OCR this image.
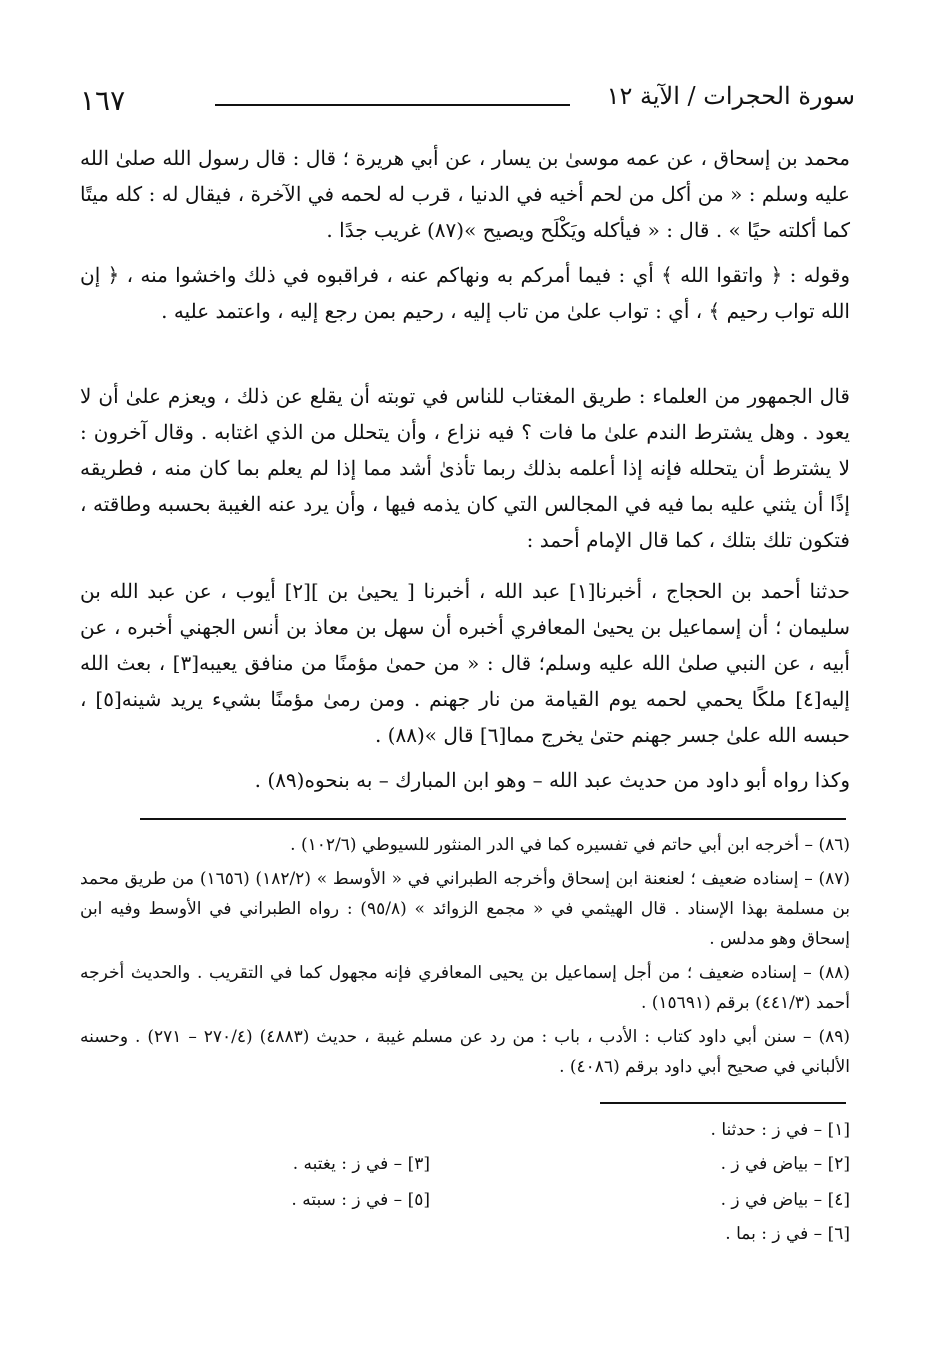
١٦٧	سورة الحجرات / الآية ١٢

محمد بن إسحاق ، عن عمه موسىٰ بن يسار ، عن أبي هريرة ؛ قال : قال رسول الله صلىٰ الله عليه وسلم : « من أكل من لحم أخيه في الدنيا ، قرب له لحمه في الآخرة ، فيقال له : كله ميتًا كما أكلته حيًا » . قال : « فيأكله ويَكْلَح ويصيح »(٨٧) غريب جدًا .

وقوله : ﴿ واتقوا الله ﴾ أي : فيما أمركم به ونهاكم عنه ، فراقبوه في ذلك واخشوا منه ، ﴿ إن الله تواب رحيم ﴾ ، أي : تواب علىٰ من تاب إليه ، رحيم بمن رجع إليه ، واعتمد عليه .

قال الجمهور من العلماء : طريق المغتاب للناس في توبته أن يقلع عن ذلك ، ويعزم علىٰ أن لا يعود . وهل يشترط الندم علىٰ ما فات ؟ فيه نزاع ، وأن يتحلل من الذي اغتابه . وقال آخرون : لا يشترط أن يتحلله فإنه إذا أعلمه بذلك ربما تأذىٰ أشد مما إذا لم يعلم بما كان منه ، فطريقه إذًا أن يثني عليه بما فيه في المجالس التي كان يذمه فيها ، وأن يرد عنه الغيبة بحسبه وطاقته ، فتكون تلك بتلك ، كما قال الإمام أحمد :

حدثنا أحمد بن الحجاج ، أخبرنا[١] عبد الله ، أخبرنا [ يحيىٰ بن ][٢] أيوب ، عن عبد الله بن سليمان ؛ أن إسماعيل بن يحيىٰ المعافري أخبره أن سهل بن معاذ بن أنس الجهني أخبره ، عن أبيه ، عن النبي صلىٰ الله عليه وسلم؛ قال : « من حمىٰ مؤمنًا من منافق يعيبه[٣] ، بعث الله إليه[٤] ملكًا يحمي لحمه يوم القيامة من نار جهنم . ومن رمىٰ مؤمنًا بشيء يريد شينه[٥] ، حبسه الله علىٰ جسر جهنم حتىٰ يخرج مما[٦] قال »(٨٨) .

وكذا رواه أبو داود من حديث عبد الله – وهو ابن المبارك – به بنحوه(٨٩) .

(٨٦) – أخرجه ابن أبي حاتم في تفسيره كما في الدر المنثور للسيوطي (١٠٢/٦) .

(٨٧) – إسناده ضعيف ؛ لعنعنة ابن إسحاق وأخرجه الطبراني في « الأوسط » (١٨٢/٢) (١٦٥٦) من طريق محمد بن مسلمة بهذا الإسناد . قال الهيثمي في « مجمع الزوائد » (٩٥/٨) : رواه الطبراني في الأوسط وفيه ابن إسحاق وهو مدلس .

(٨٨) – إسناده ضعيف ؛ من أجل إسماعيل بن يحيى المعافري فإنه مجهول كما في التقريب . والحديث أخرجه أحمد (٤٤١/٣) برقم (١٥٦٩١) .

(٨٩) – سنن أبي داود كتاب : الأدب ، باب : من رد عن مسلم غيبة ، حديث (٤٨٨٣) (٢٧٠/٤ – ٢٧١) . وحسنه الألباني في صحيح أبي داود برقم (٤٠٨٦) .

[١] – في ز : حدثنا .
[٢] – بياض في ز .
[٣] – في ز : يغتبه .
[٤] – بياض في ز .
[٥] – في ز : سبته .
[٦] – في ز : بما .
